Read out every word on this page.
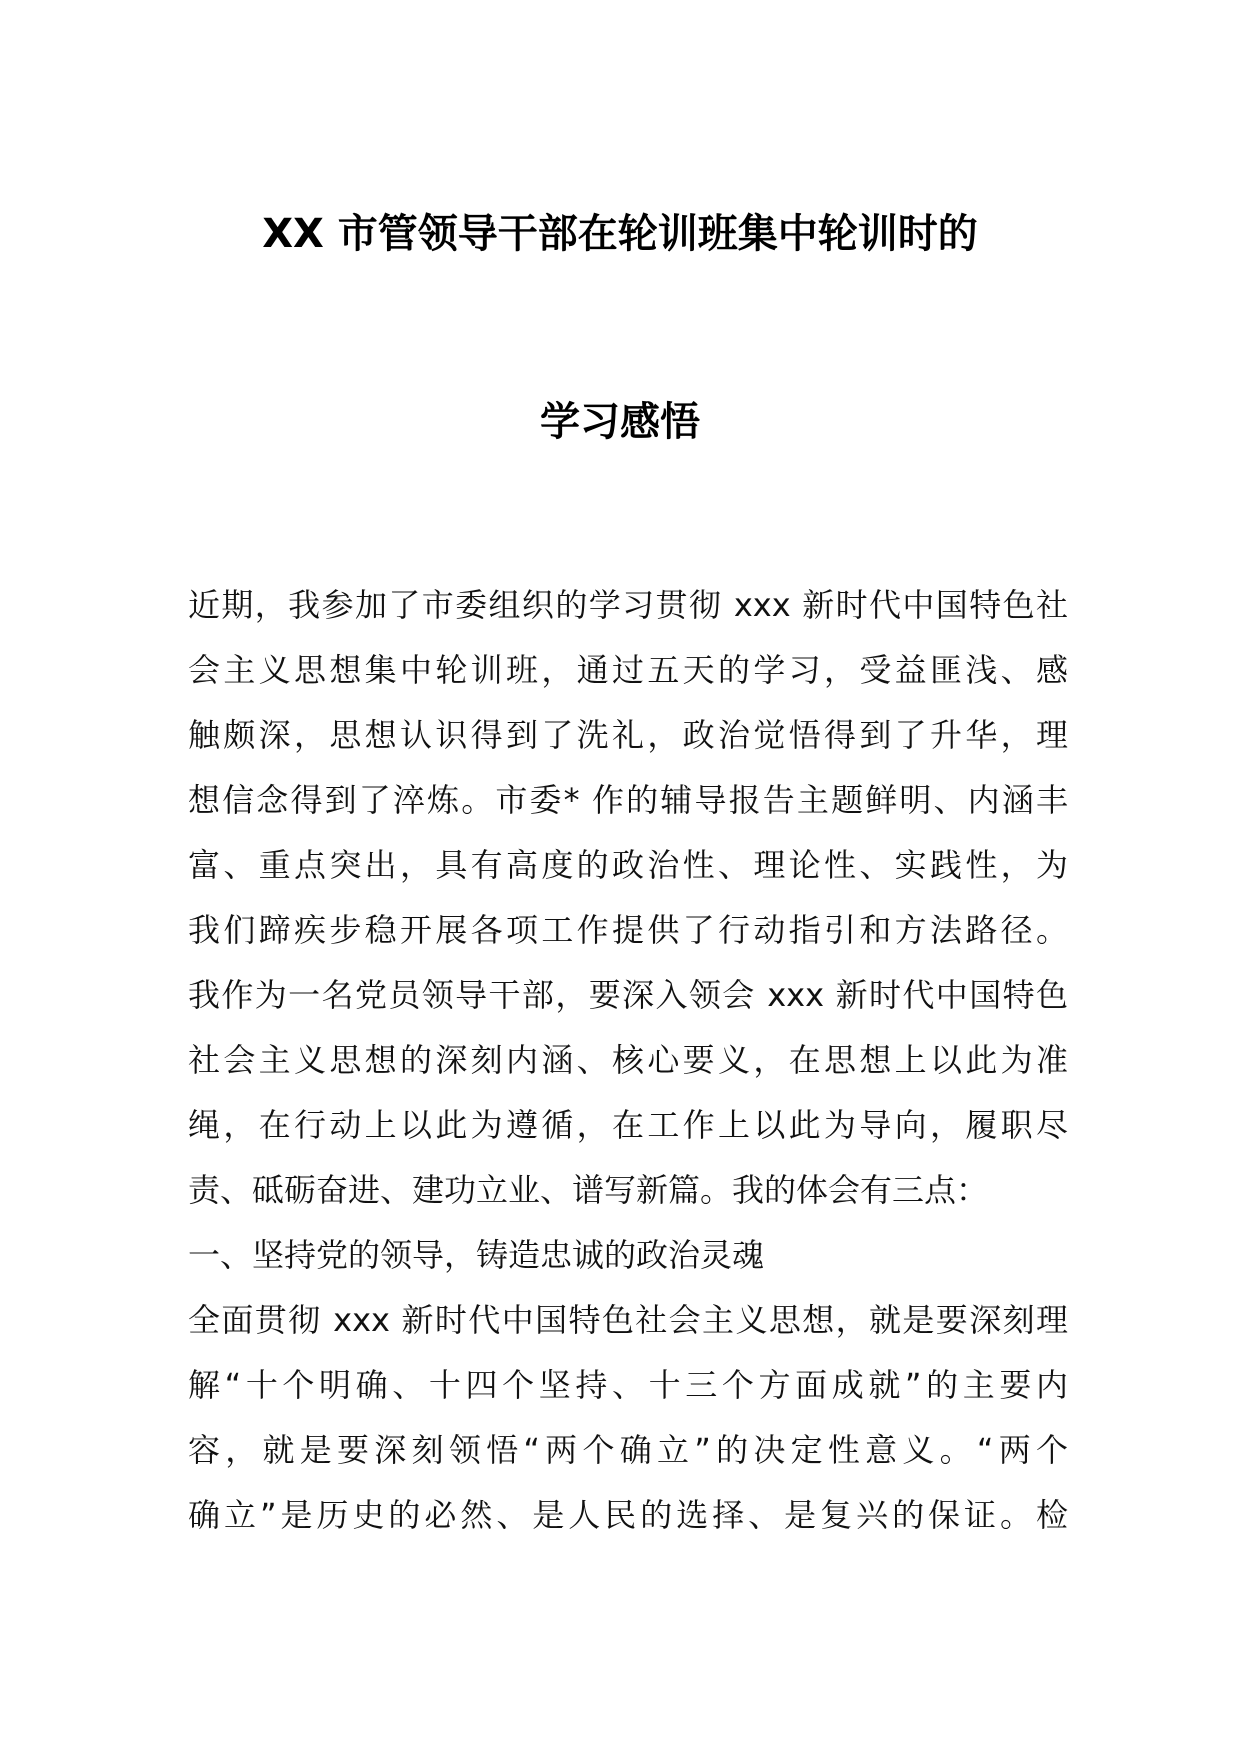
XX 市管领导干部在轮训班集中轮训时的
学习感悟
近期，我参加了市委组织的学习贯彻 xxx 新时代中国特色社
会主义思想集中轮训班，通过五天的学习，受益匪浅、感
触颇深，思想认识得到了洗礼，政治觉悟得到了升华，理
想信念得到了淬炼。市委* 作的辅导报告主题鲜明、内涵丰
富、重点突出，具有高度的政治性、理论性、实践性，为
我们蹄疾步稳开展各项工作提供了行动指引和方法路径。
我作为一名党员领导干部，要深入领会 xxx 新时代中国特色
社会主义思想的深刻内涵、核心要义，在思想上以此为准
绳，在行动上以此为遵循，在工作上以此为导向，履职尽
责、砥砺奋进、建功立业、谱写新篇。我的体会有三点：
一、坚持党的领导，铸造忠诚的政治灵魂
全面贯彻 xxx 新时代中国特色社会主义思想，就是要深刻理
解“十个明确、十四个坚持、十三个方面成就”的主要内
容，就是要深刻领悟“两个确立”的决定性意义。“两个
确立”是历史的必然、是人民的选择、是复兴的保证。检
